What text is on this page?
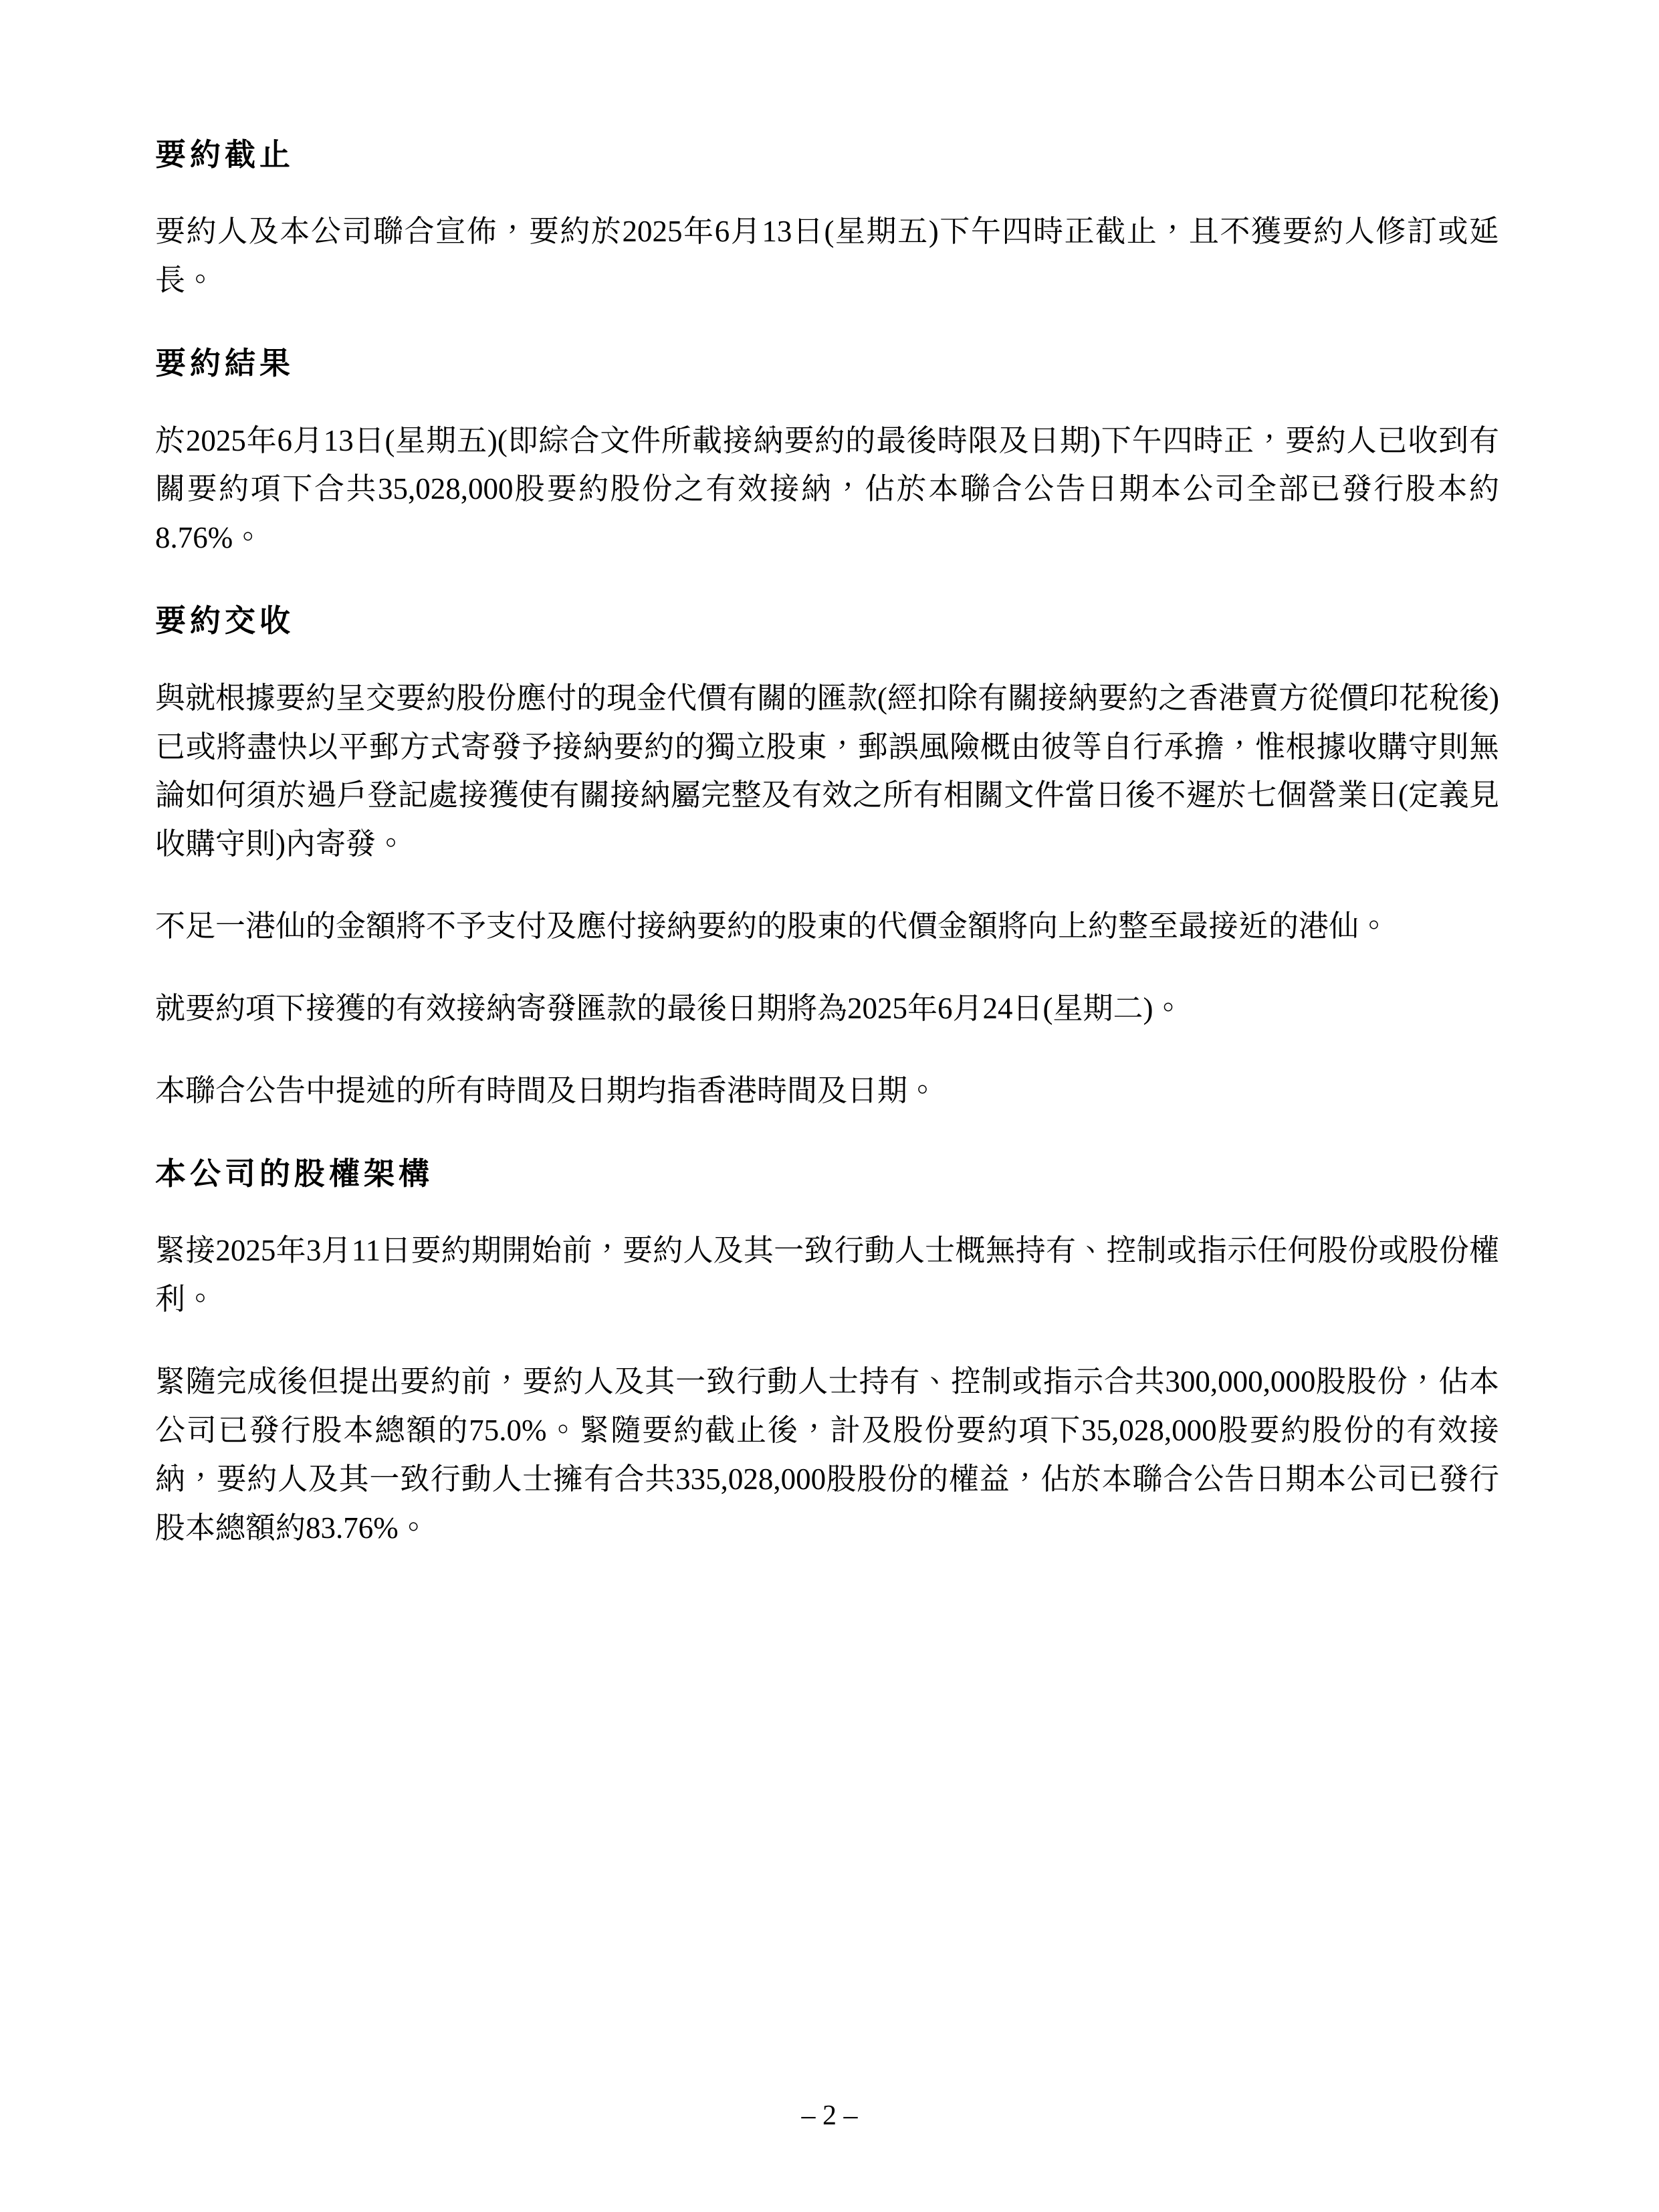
要約截止

要約人及本公司聯合宣佈，要約於2025年6月13日(星期五)下午四時正截止，且不獲要約人修訂或延長。

要約結果

於2025年6月13日(星期五)(即綜合文件所載接納要約的最後時限及日期)下午四時正，要約人已收到有關要約項下合共35,028,000股要約股份之有效接納，佔於本聯合公告日期本公司全部已發行股本約8.76%。

要約交收

與就根據要約呈交要約股份應付的現金代價有關的匯款(經扣除有關接納要約之香港賣方從價印花稅後)已或將盡快以平郵方式寄發予接納要約的獨立股東，郵誤風險概由彼等自行承擔，惟根據收購守則無論如何須於過戶登記處接獲使有關接納屬完整及有效之所有相關文件當日後不遲於七個營業日(定義見收購守則)內寄發。

不足一港仙的金額將不予支付及應付接納要約的股東的代價金額將向上約整至最接近的港仙。

就要約項下接獲的有效接納寄發匯款的最後日期將為2025年6月24日(星期二)。

本聯合公告中提述的所有時間及日期均指香港時間及日期。

本公司的股權架構

緊接2025年3月11日要約期開始前，要約人及其一致行動人士概無持有、控制或指示任何股份或股份權利。

緊隨完成後但提出要約前，要約人及其一致行動人士持有、控制或指示合共300,000,000股股份，佔本公司已發行股本總額的75.0%。緊隨要約截止後，計及股份要約項下35,028,000股要約股份的有效接納，要約人及其一致行動人士擁有合共335,028,000股股份的權益，佔於本聯合公告日期本公司已發行股本總額約83.76%。

– 2 –
